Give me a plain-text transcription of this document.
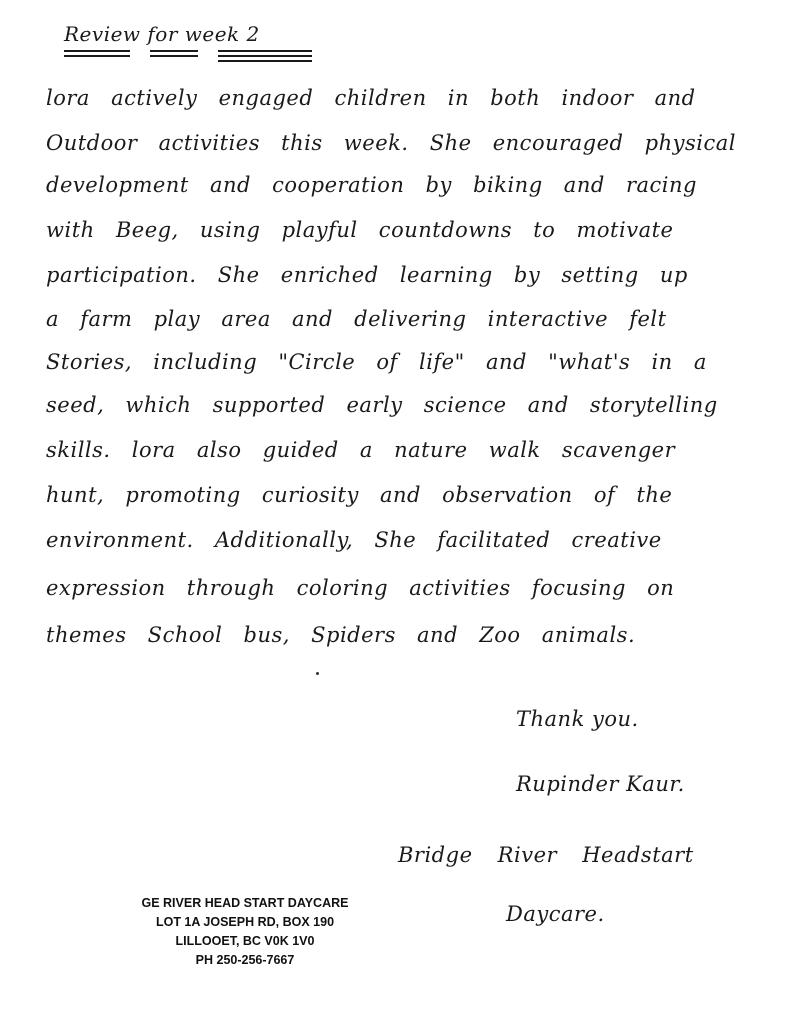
Review for week 2
lora actively engaged children in both indoor and
Outdoor activities this week. She encouraged physical
development and cooperation by biking and racing
with Beeg, using playful countdowns to motivate
participation. She enriched learning by setting up
a farm play area and delivering interactive felt
Stories, including "Circle of life" and "what's in a
seed, which supported early science and storytelling
skills. lora also guided a nature walk scavenger
hunt, promoting curiosity and observation of the
environment. Additionally, She facilitated creative
expression through coloring activities focusing on
themes School bus, Spiders and Zoo animals.
Thank you.
Rupinder Kaur.
Bridge River Headstart
Daycare.
GE RIVER HEAD START DAYCARE
LOT 1A JOSEPH RD, BOX 190
LILLOOET, BC V0K 1V0
PH 250-256-7667
